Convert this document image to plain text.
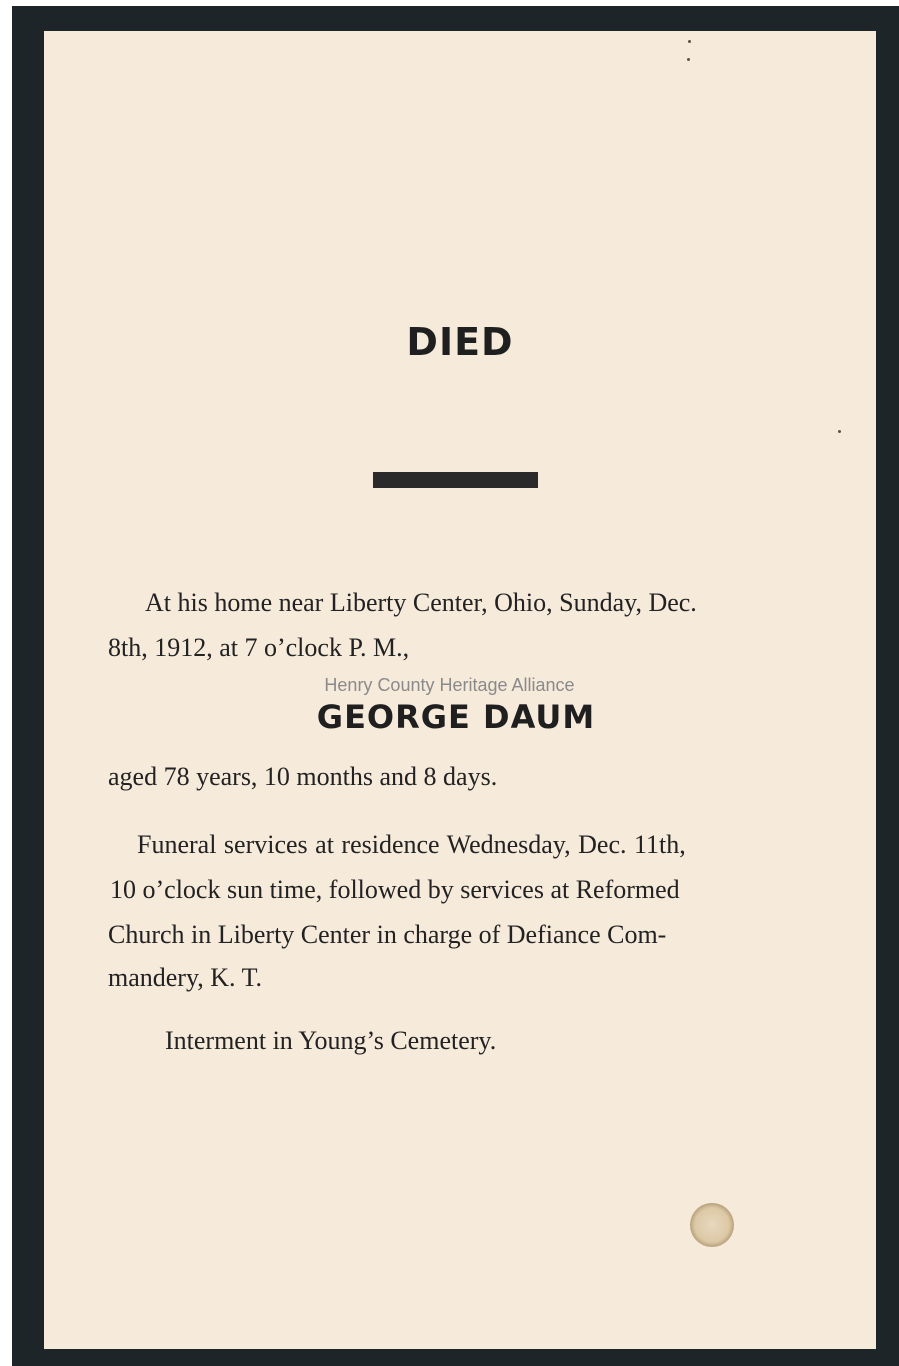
DIED
At his home near Liberty Center, Ohio, Sunday, Dec.
8th, 1912, at 7 o’clock P. M.,
Henry County Heritage Alliance
GEORGE DAUM
aged 78 years, 10 months and 8 days.
Funeral services at residence Wednesday, Dec. 11th,
10 o’clock sun time, followed by services at Reformed
Church in Liberty Center in charge of Defiance Com-
mandery, K. T.
Interment in Young’s Cemetery.
